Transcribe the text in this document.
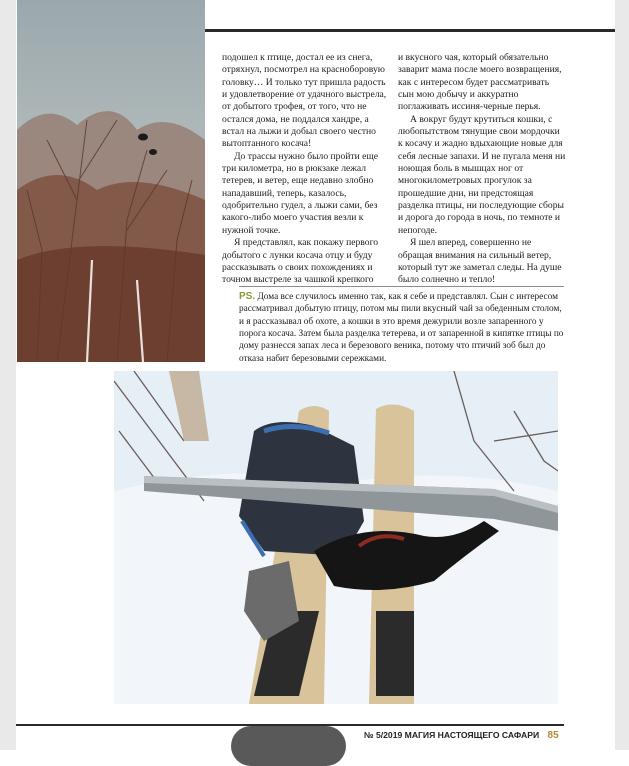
подошел к птице, достал ее из снега, отряхнул, посмотрел на красноборовую головку… И только тут пришла радость и удовлетворение от удачного выстрела, от добытого трофея, от того, что не остался дома, не поддался хандре, а встал на лыжи и добыл своего честно вытоптанного косача!

До трассы нужно было пройти еще три километра, но в рюкзаке лежал тетерев, и ветер, еще недавно злобно нападавший, теперь, казалось, одобрительно гудел, а лыжи сами, без какого-либо моего участия везли к нужной точке.

Я представлял, как покажу первого добытого с лунки косача отцу и буду рассказывать о своих похождениях и точном выстреле за чашкой крепкого

и вкусного чая, который обязательно заварит мама после моего возвращения, как с интересом будет рассматривать сын мою добычу и аккуратно поглаживать иссиня-черные перья.

А вокруг будут крутиться кошки, с любопытством тянущие свои мордочки к косачу и жадно вдыхающие новые для себя лесные запахи. И не пугала меня ни ноющая боль в мышцах ног от многокилометровых прогулок за прошедшие дни, ни предстоящая разделка птицы, ни последующие сборы и дорога до города в ночь, по темноте и непогоде.

Я шел вперед, совершенно не обращая внимания на сильный ветер, который тут же заметал следы. На душе было солнечно и тепло!

PS. Дома все случилось именно так, как я себе и представлял. Сын с интересом рассматривал добытую птицу, потом мы пили вкусный чай за обеденным столом, и я рассказывал об охоте, а кошки в это время дежурили возле запаренного у порога косача. Затем была разделка тетерева, и от запаренной в кипятке птицы по дому разнесся запах леса и березового веника, потому что птичий зоб был до отказа набит березовыми сережками.
№ 5/2019 МАГИЯ НАСТОЯЩЕГО САФАРИ 85
